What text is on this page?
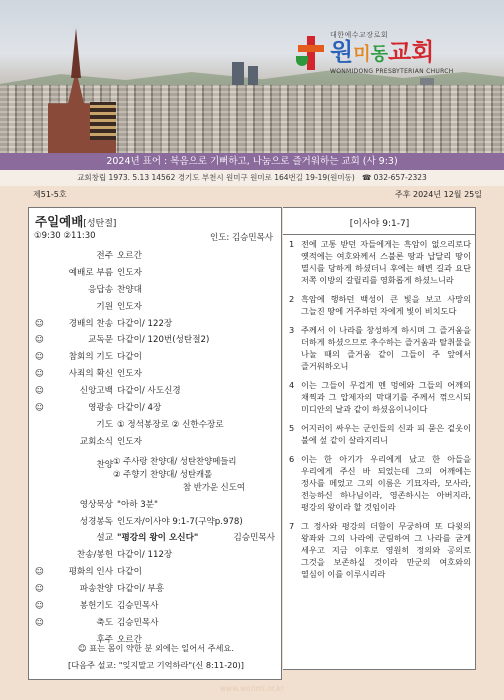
대한예수교장로회
원미동교회
WONMIDONG PRESBYTERIAN CHURCH
2024년 표어 : 복음으로 기뻐하고, 나눔으로 즐거워하는 교회 (사 9:3)
교회창립 1973. 5.13 14562 경기도 부천시 원미구 원미로 164번길 19-19(원미동) ☎ 032-657-2323
제51-5호	주후 2024년 12월 25일
주일예배[성탄절]
①9:30 ②11:30	인도: 김승민목사
전주 오르간
예배로 부름 인도자
응답송 찬양대
기원 인도자
☺	경배의 찬송 다같이/ 122장
☺	교독문 다같이/ 120번(성탄절2)
☺	참회의 기도 다같이
☺	사죄의 확신 인도자
☺	신앙고백 다같이/ 사도신경
☺	영광송 다같이/ 4장
기도 ① 정석봉장로 ② 신한수장로
교회소식 인도자
찬양 ① 주사랑 찬양대/ 성탄찬양메들리
② 주향기 찬양대/ 성탄캐롤
참 반가운 신도여
영상묵상 "아하 3분"
성경봉독 인도자/이사야 9:1-7(구약p.978)
설교 "평강의 왕이 오신다"	김승민목사
찬송/봉헌 다같이/ 112장
☺	평화의 인사 다같이
☺	파송찬양 다같이/ 부흥
☺	봉헌기도 김승민목사
☺	축도 김승민목사
후주 오르간
☺ 표는 몸이 약한 분 외에는 일어서 주세요.
[다음주 설교: "잊지말고 기억하라"(신 8:11-20)]
[이사야 9:1-7]
1 전에 고통 받던 자들에게는 흑암이 없으리로다 옛적에는 여호와께서 스불론 땅과 납달리 땅이 멸시를 당하게 하셨더니 후에는 해변 길과 요단 저쪽 이방의 갈릴리를 영화롭게 하셨느니라
2 흑암에 행하던 백성이 큰 빛을 보고 사망의 그늘진 땅에 거주하던 자에게 빛이 비치도다
3 주께서 이 나라를 창성하게 하시며 그 즐거움을 더하게 하셨으므로 추수하는 즐거움과 탈취물을 나눌 때의 즐거움 같이 그들이 주 앞에서 즐거워하오니
4 이는 그들이 무겁게 멘 멍에와 그들의 어깨의 채찍과 그 압제자의 막대기를 주께서 꺾으시되 미디안의 날과 같이 하셨음이니이다
5 어지러이 싸우는 군인들의 신과 피 묻은 겉옷이 불에 섶 같이 살라지리니
6 이는 한 아기가 우리에게 났고 한 아들을 우리에게 주신 바 되었는데 그의 어깨에는 정사를 메었고 그의 이름은 기묘자라, 모사라, 전능하신 하나님이라, 영존하시는 아버지라, 평강의 왕이라 할 것임이라
7 그 정사와 평강의 더함이 무궁하며 또 다윗의 왕좌와 그의 나라에 군림하여 그 나라를 굳게 세우고 지금 이후로 영원히 정의와 공의로 그것을 보존하실 것이라 만군의 여호와의 열심이 이를 이루시리라
www.wonmi.or.kr
